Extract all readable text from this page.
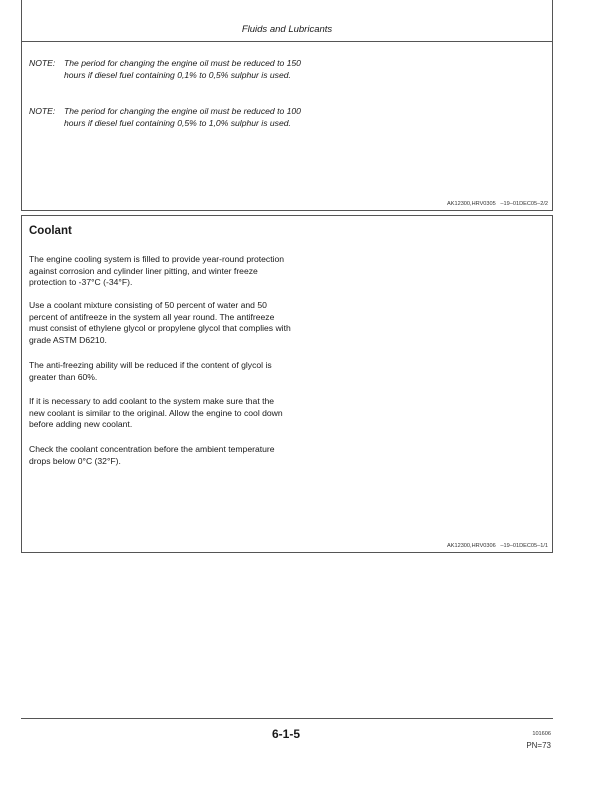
Fluids and Lubricants
NOTE: The period for changing the engine oil must be reduced to 150 hours if diesel fuel containing 0,1% to 0,5% sulphur is used.
NOTE: The period for changing the engine oil must be reduced to 100 hours if diesel fuel containing 0,5% to 1,0% sulphur is used.
AK12300,HRV0305   –19–01DEC05–2/2
Coolant

The engine cooling system is filled to provide year-round protection against corrosion and cylinder liner pitting, and winter freeze protection to -37°C (-34°F).

Use a coolant mixture consisting of 50 percent of water and 50 percent of antifreeze in the system all year round. The antifreeze must consist of ethylene glycol or propylene glycol that complies with grade ASTM D6210.

The anti-freezing ability will be reduced if the content of glycol is greater than 60%.

If it is necessary to add coolant to the system make sure that the new coolant is similar to the original. Allow the engine to cool down before adding new coolant.

Check the coolant concentration before the ambient temperature drops below 0°C (32°F).

AK12300,HRV0306   –19–01DEC05–1/1
6-1-5	101606
PN=73
